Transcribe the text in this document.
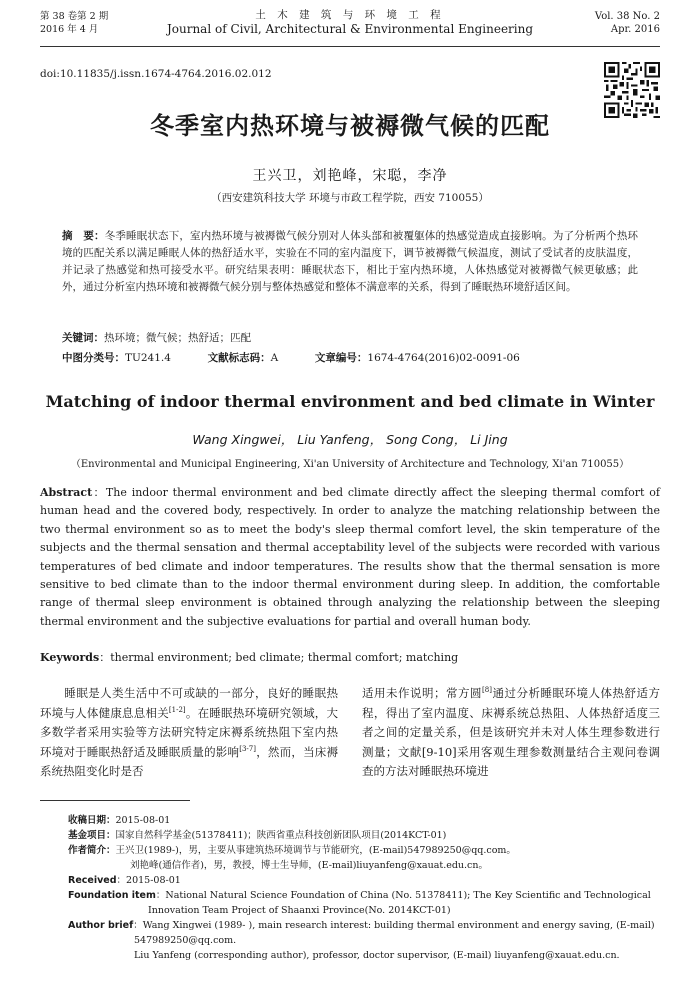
第 38 卷第 2 期
2016 年 4 月
土 木 建 筑 与 环 境 工 程
Journal of Civil, Architectural & Environmental Engineering
Vol. 38 No. 2
Apr. 2016
doi:10.11835/j.issn.1674-4764.2016.02.012
冬季室内热环境与被褥微气候的匹配
王兴卫，刘艳峰，宋聪，李净
（西安建筑科技大学 环境与市政工程学院，西安 710055）
摘　要：冬季睡眠状态下，室内热环境与被褥微气候分别对人体头部和被覆躯体的热感觉造成直接影响。为了分析两个热环境的匹配关系以满足睡眠人体的热舒适水平，实验在不同的室内温度下，调节被褥微气候温度，测试了受试者的皮肤温度，并记录了热感觉和热可接受水平。研究结果表明：睡眠状态下，相比于室内热环境，人体热感觉对被褥微气候更敏感；此外，通过分析室内热环境和被褥微气候分别与整体热感觉和整体不满意率的关系，得到了睡眠热环境舒适区间。
关键词：热环境；微气候；热舒适；匹配
中图分类号：TU241.4	文献标志码：A	文章编号：1674-4764(2016)02-0091-06
Matching of indoor thermal environment and bed climate in Winter
Wang Xingwei， Liu Yanfeng， Song Cong， Li Jing
（Environmental and Municipal Engineering, Xi'an University of Architecture and Technology, Xi'an 710055）
Abstract：The indoor thermal environment and bed climate directly affect the sleeping thermal comfort of human head and the covered body, respectively. In order to analyze the matching relationship between the two thermal environment so as to meet the body's sleep thermal comfort level, the skin temperature of the subjects and the thermal sensation and thermal acceptability level of the subjects were recorded with various temperatures of bed climate and indoor temperatures. The results show that the thermal sensation is more sensitive to bed climate than to the indoor thermal environment during sleep. In addition, the comfortable range of thermal sleep environment is obtained through analyzing the relationship between the sleeping thermal environment and the subjective evaluations for partial and overall human body.
Keywords：thermal environment; bed climate; thermal comfort; matching
睡眠是人类生活中不可或缺的一部分，良好的睡眠热环境与人体健康息息相关[1-2]。在睡眠热环境研究领域，大多数学者采用实验等方法研究特定床褥系统热阻下室内热环境对于睡眠热舒适及睡眠质量的影响[3-7]，然而，当床褥系统热阻变化时是否
适用未作说明；常方圆[8]通过分析睡眠环境人体热舒适方程，得出了室内温度、床褥系统总热阻、人体热舒适度三者之间的定量关系，但是该研究并未对人体生理参数进行测量；文献[9-10]采用客观生理参数测量结合主观问卷调查的方法对睡眠热环境进
收稿日期：2015-08-01
基金项目：国家自然科学基金(51378411)；陕西省重点科技创新团队项目(2014KCT-01)
作者简介：王兴卫(1989-)，男，主要从事建筑热环境调节与节能研究，(E-mail)547989250@qq.com。
刘艳峰(通信作者)，男，教授，博士生导师，(E-mail)liuyanfeng@xauat.edu.cn。
Received：2015-08-01
Foundation item：National Natural Science Foundation of China (No. 51378411); The Key Scientific and Technological
Innovation Team Project of Shaanxi Province(No. 2014KCT-01)
Author brief：Wang Xingwei (1989- ), main research interest: building thermal environment and energy saving, (E-mail)
547989250@qq.com.
Liu Yanfeng (corresponding author), professor, doctor supervisor, (E-mail) liuyanfeng@xauat.edu.cn.
